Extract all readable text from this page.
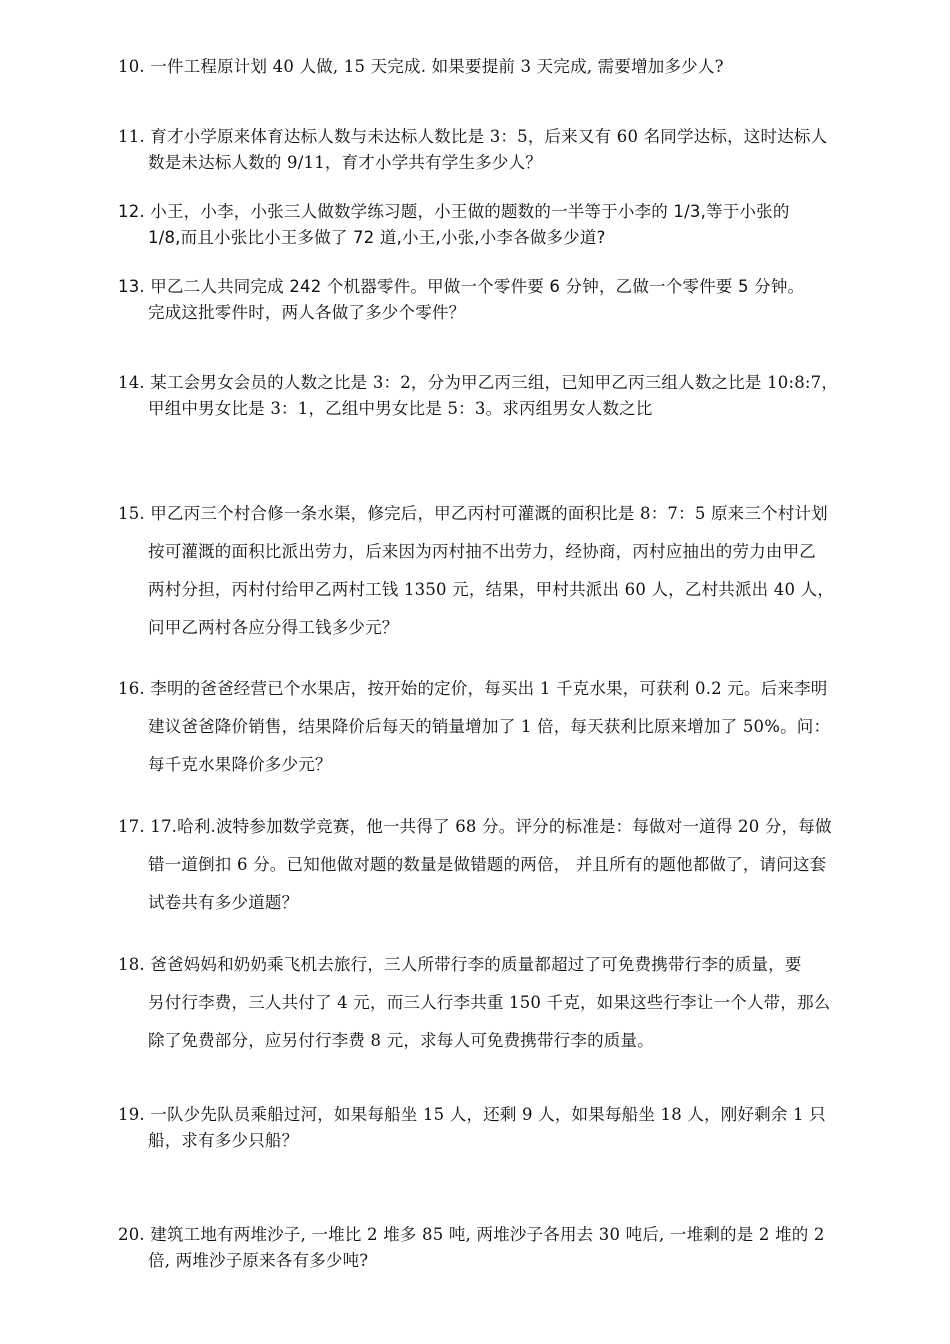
10. 一件工程原计划 40 人做, 15 天完成. 如果要提前 3 天完成, 需要增加多少人?
11. 育才小学原来体育达标人数与未达标人数比是 3：5，后来又有 60 名同学达标，这时达标人
数是未达标人数的 9/11，育才小学共有学生多少人？
12. 小王，小李，小张三人做数学练习题，小王做的题数的一半等于小李的 1/3,等于小张的
1/8,而且小张比小王多做了 72 道,小王,小张,小李各做多少道?
13. 甲乙二人共同完成 242 个机器零件。甲做一个零件要 6 分钟，乙做一个零件要 5 分钟。
完成这批零件时，两人各做了多少个零件？
14. 某工会男女会员的人数之比是 3：2，分为甲乙丙三组，已知甲乙丙三组人数之比是 10:8:7，
甲组中男女比是 3：1，乙组中男女比是 5：3。求丙组男女人数之比
15. 甲乙丙三个村合修一条水渠，修完后，甲乙丙村可灌溉的面积比是 8：7：5 原来三个村计划
按可灌溉的面积比派出劳力，后来因为丙村抽不出劳力，经协商，丙村应抽出的劳力由甲乙
两村分担，丙村付给甲乙两村工钱 1350 元，结果，甲村共派出 60 人，乙村共派出 40 人，
问甲乙两村各应分得工钱多少元？
16. 李明的爸爸经营已个水果店，按开始的定价，每买出 1 千克水果，可获利 0.2 元。后来李明
建议爸爸降价销售，结果降价后每天的销量增加了 1 倍，每天获利比原来增加了 50%。问：
每千克水果降价多少元？
17. 17.哈利.波特参加数学竞赛，他一共得了 68 分。评分的标准是：每做对一道得 20 分，每做
错一道倒扣 6 分。已知他做对题的数量是做错题的两倍， 并且所有的题他都做了，请问这套
试卷共有多少道题？
18. 爸爸妈妈和奶奶乘飞机去旅行，三人所带行李的质量都超过了可免费携带行李的质量，要
另付行李费，三人共付了 4 元，而三人行李共重 150 千克，如果这些行李让一个人带，那么
除了免费部分，应另付行李费 8 元，求每人可免费携带行李的质量。
19. 一队少先队员乘船过河，如果每船坐 15 人，还剩 9 人，如果每船坐 18 人，刚好剩余 1 只
船，求有多少只船？
20. 建筑工地有两堆沙子, 一堆比 2 堆多 85 吨, 两堆沙子各用去 30 吨后, 一堆剩的是 2 堆的 2
倍, 两堆沙子原来各有多少吨?
